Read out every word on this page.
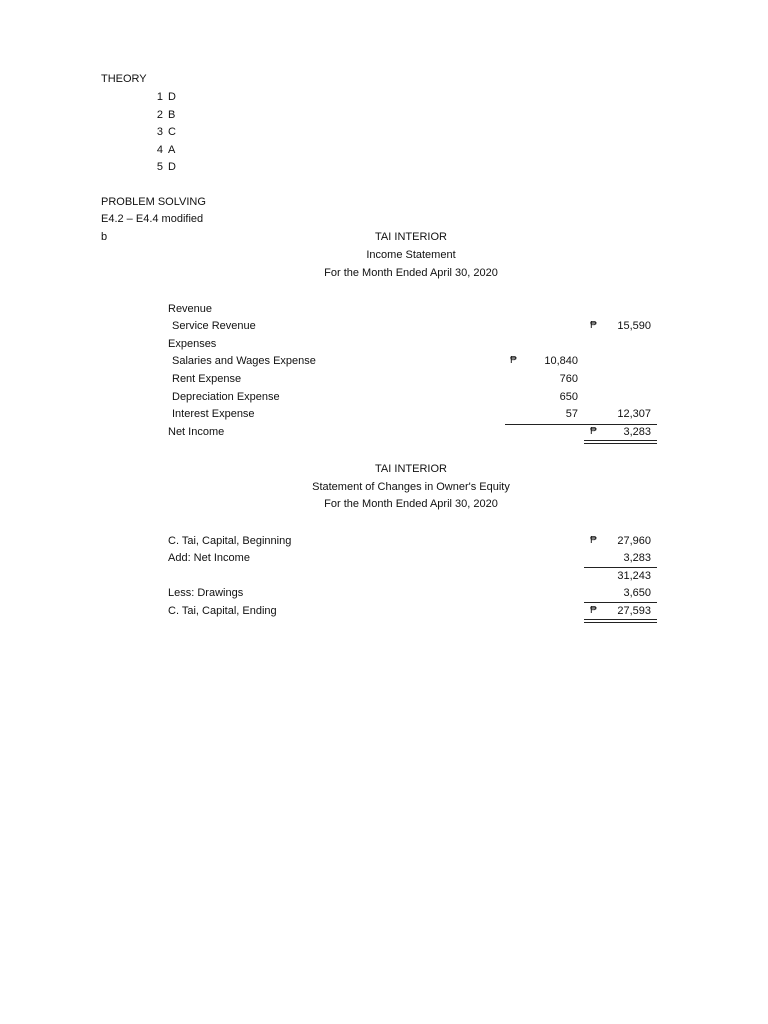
THEORY
1 D
2 B
3 C
4 A
5 D
PROBLEM SOLVING
E4.2 – E4.4 modified
b	TAI INTERIOR
Income Statement
For the Month Ended April 30, 2020
Revenue
Service Revenue	₱	15,590
Expenses
Salaries and Wages Expense	₱	10,840
Rent Expense	760
Depreciation Expense	650
Interest Expense	57	12,307
Net Income	₱	3,283
TAI INTERIOR
Statement of Changes in Owner's Equity
For the Month Ended April 30, 2020
C. Tai, Capital, Beginning	₱	27,960
Add: Net Income	3,283
31,243
Less: Drawings	3,650
C. Tai, Capital, Ending	₱	27,593
